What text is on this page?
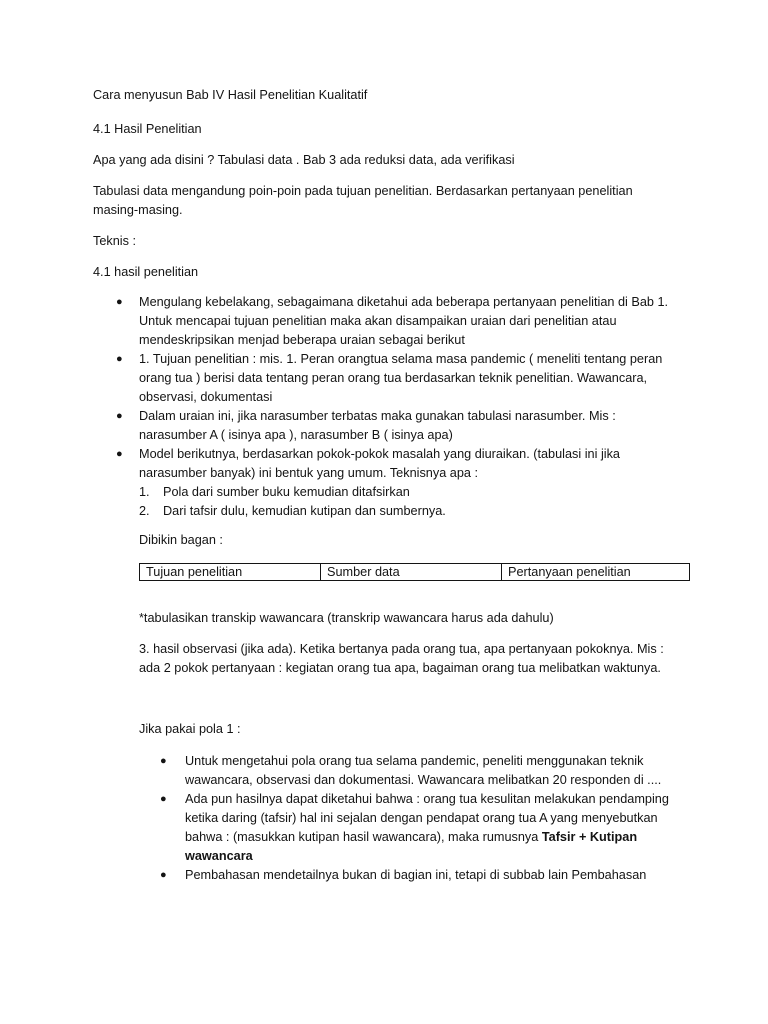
Cara menyusun Bab IV Hasil Penelitian Kualitatif

4.1 Hasil Penelitian

Apa yang ada disini ? Tabulasi data . Bab 3 ada reduksi data, ada verifikasi

Tabulasi data mengandung poin-poin pada tujuan penelitian. Berdasarkan pertanyaan penelitian masing-masing.

Teknis :

4.1 hasil penelitian

● Mengulang kebelakang, sebagaimana diketahui ada beberapa pertanyaan penelitian di Bab 1. Untuk mencapai tujuan penelitian maka akan disampaikan uraian dari penelitian atau mendeskripsikan menjad beberapa uraian sebagai berikut
● 1. Tujuan penelitian : mis. 1. Peran orangtua selama masa pandemic ( meneliti tentang peran orang tua ) berisi data tentang peran orang tua berdasarkan teknik penelitian. Wawancara, observasi, dokumentasi
● Dalam uraian ini, jika narasumber terbatas maka gunakan tabulasi narasumber. Mis : narasumber A ( isinya apa ), narasumber B ( isinya apa)
● Model berikutnya, berdasarkan pokok-pokok masalah yang diuraikan. (tabulasi ini jika narasumber banyak) ini bentuk yang umum. Teknisnya apa :
1. Pola dari sumber buku kemudian ditafsirkan
2. Dari tafsir dulu, kemudian kutipan dan sumbernya.

Dibikin bagan :

Tujuan penelitian	Sumber data	Pertanyaan penelitian

*tabulasikan transkip wawancara (transkrip wawancara harus ada dahulu)

3. hasil observasi (jika ada). Ketika bertanya pada orang tua, apa pertanyaan pokoknya. Mis : ada 2 pokok pertanyaan : kegiatan orang tua apa, bagaiman orang tua melibatkan waktunya.

Jika pakai pola 1 :

● Untuk mengetahui pola orang tua selama pandemic, peneliti menggunakan teknik wawancara, observasi dan dokumentasi. Wawancara melibatkan 20 responden di ....
● Ada pun hasilnya dapat diketahui bahwa : orang tua kesulitan melakukan pendamping ketika daring (tafsir) hal ini sejalan dengan pendapat orang tua A yang menyebutkan bahwa : (masukkan kutipan hasil wawancara), maka rumusnya Tafsir + Kutipan wawancara
● Pembahasan mendetailnya bukan di bagian ini, tetapi di subbab lain Pembahasan
